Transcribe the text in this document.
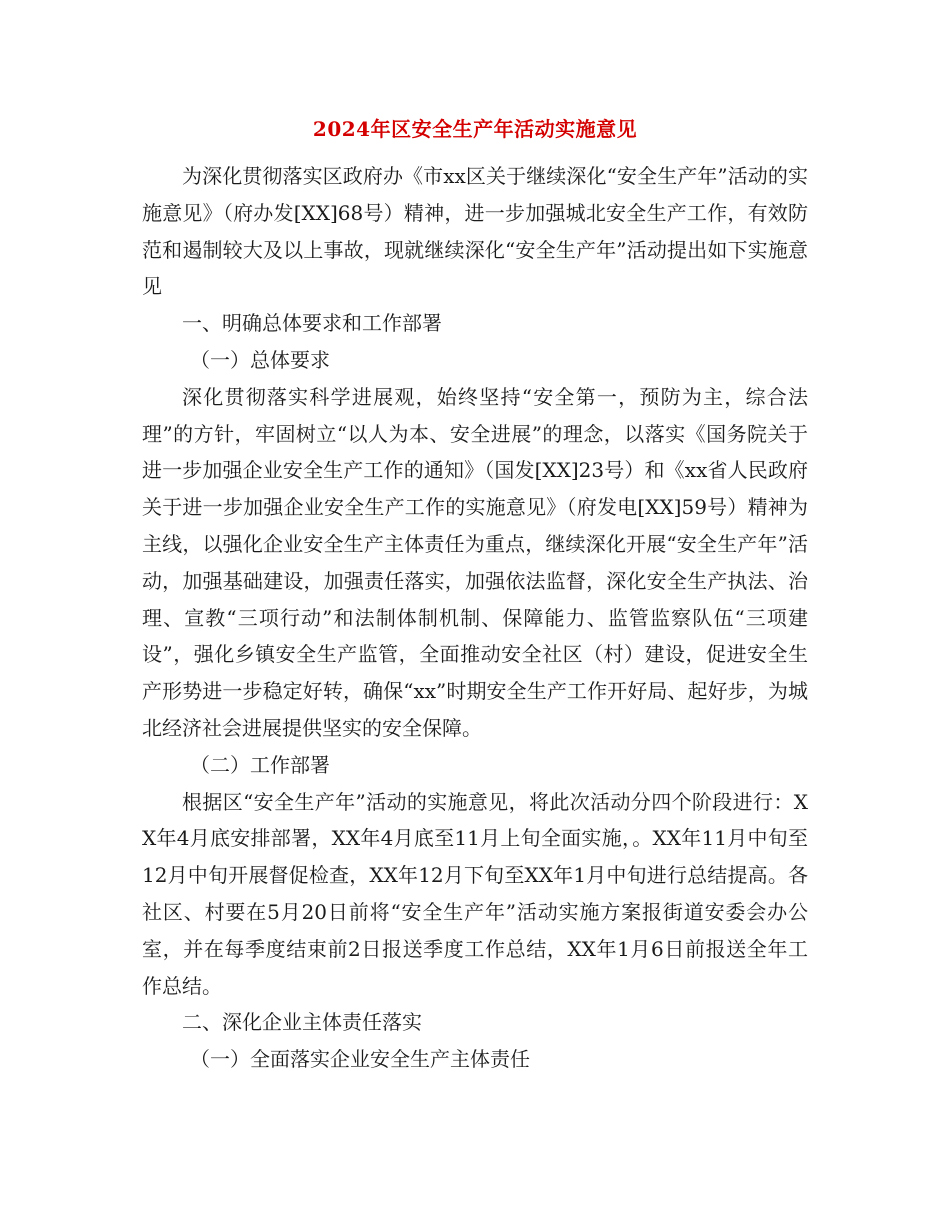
2024年区安全生产年活动实施意见

为深化贯彻落实区政府办《市xx区关于继续深化“安全生产年”活动的实施意见》（府办发[XX]68号）精神，进一步加强城北安全生产工作，有效防范和遏制较大及以上事故，现就继续深化“安全生产年”活动提出如下实施意见

一、明确总体要求和工作部署

（一）总体要求

深化贯彻落实科学进展观，始终坚持“安全第一，预防为主，综合法理”的方针，牢固树立“以人为本、安全进展”的理念，以落实《国务院关于进一步加强企业安全生产工作的通知》（国发[XX]23号）和《xx省人民政府关于进一步加强企业安全生产工作的实施意见》（府发电[XX]59号）精神为主线，以强化企业安全生产主体责任为重点，继续深化开展“安全生产年”活动，加强基础建设，加强责任落实，加强依法监督，深化安全生产执法、治理、宣教“三项行动”和法制体制机制、保障能力、监管监察队伍“三项建设”，强化乡镇安全生产监管，全面推动安全社区（村）建设，促进安全生产形势进一步稳定好转，确保“xx”时期安全生产工作开好局、起好步，为城北经济社会进展提供坚实的安全保障。

（二）工作部署

根据区“安全生产年”活动的实施意见，将此次活动分四个阶段进行：XX年4月底安排部署，XX年4月底至11月上旬全面实施，。XX年11月中旬至12月中旬开展督促检查，XX年12月下旬至XX年1月中旬进行总结提高。各社区、村要在5月20日前将“安全生产年”活动实施方案报街道安委会办公室，并在每季度结束前2日报送季度工作总结，XX年1月6日前报送全年工作总结。

二、深化企业主体责任落实

（一）全面落实企业安全生产主体责任
